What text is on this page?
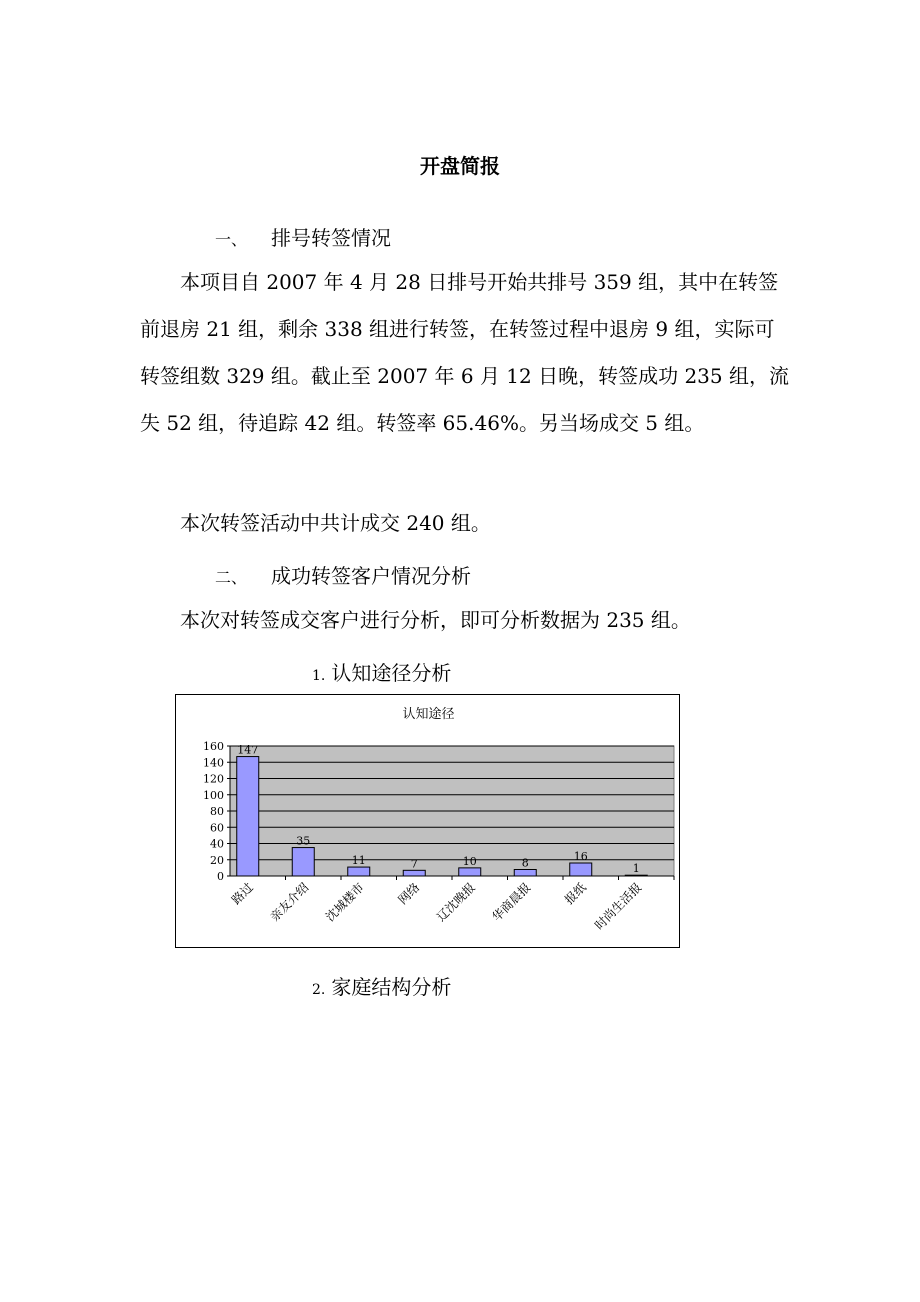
开盘简报
一、 排号转签情况

本项目自 2007 年 4 月 28 日排号开始共排号 359 组，其中在转签前退房 21 组，剩余 338 组进行转签，在转签过程中退房 9 组，实际可转签组数 329 组。截止至 2007 年 6 月 12 日晚，转签成功 235 组，流失 52 组，待追踪 42 组。转签率 65.46%。另当场成交 5 组。

本次转签活动中共计成交 240 组。

二、 成功转签客户情况分析

本次对转签成交客户进行分析，即可分析数据为 235 组。

1. 认知途径分析
认知途径
0
20
40
60
80
100
120
140
160 147
路过
35
亲友介绍
11
沈城楼市
7
网络
10
辽沈晚报
8
华商晨报
16
报纸
1
时尚生活报
2. 家庭结构分析
